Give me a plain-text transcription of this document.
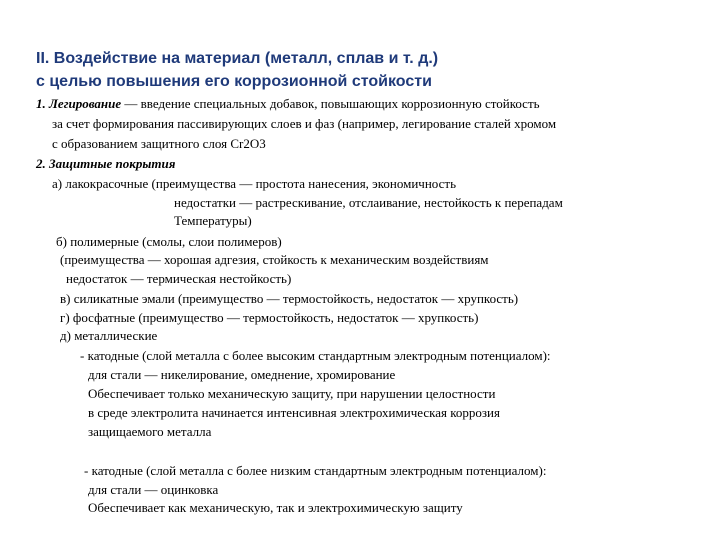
II. Воздействие на материал (металл, сплав и т. д.)
с целью повышения его коррозионной стойкости
1. Легирование — введение специальных добавок, повышающих коррозионную стойкость
за счет формирования пассивирующих слоев и фаз (например, легирование сталей хромом
с образованием защитного слоя Cr2O3
2. Защитные покрытия
а) лакокрасочные (преимущества — простота нанесения, экономичность
недостатки — растрескивание, отслаивание, нестойкость к перепадам
Температуры)
б) полимерные (смолы, слои полимеров)
(преимущества — хорошая адгезия, стойкость к механическим воздействиям
недостаток — термическая нестойкость)
в) силикатные эмали (преимущество — термостойкость, недостаток — хрупкость)
г) фосфатные (преимущество — термостойкость, недостаток — хрупкость)
д) металлические
- катодные (слой металла с более высоким стандартным электродным потенциалом):
для стали — никелирование, омеднение, хромирование
Обеспечивает только механическую защиту, при нарушении целостности
в среде электролита начинается интенсивная электрохимическая коррозия
защищаемого металла
- катодные (слой металла с более низким стандартным электродным потенциалом):
для стали — оцинковка
Обеспечивает как механическую, так и электрохимическую защиту
